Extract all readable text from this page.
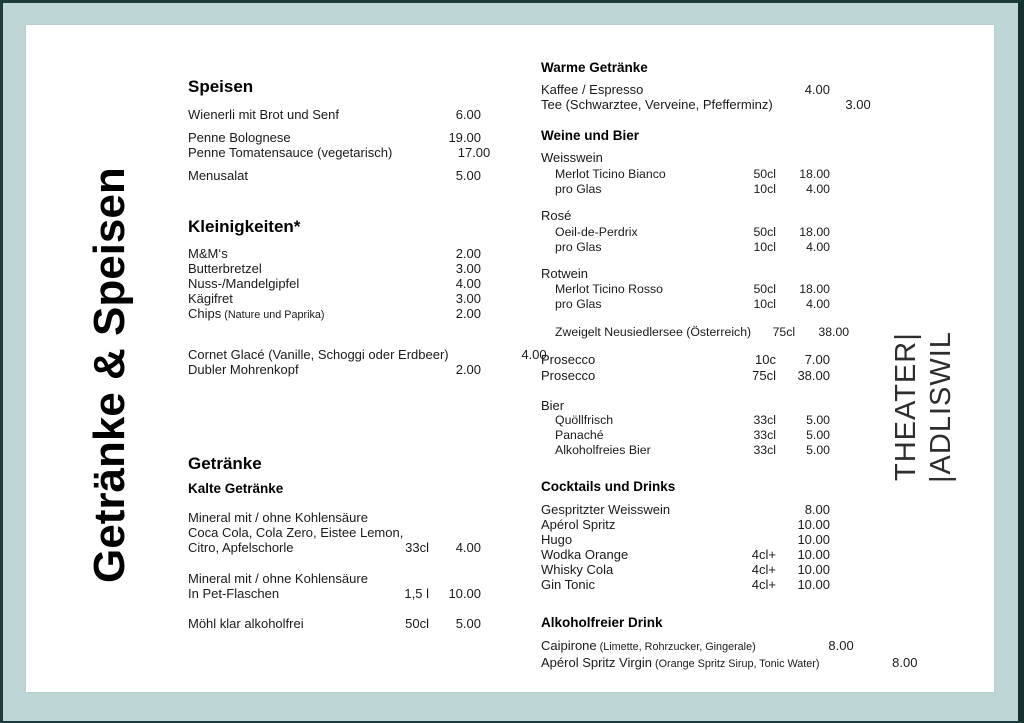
Getränke & Speisen	THEATER| |ADLISWIL
Speisen
Wienerli mit Brot und Senf	6.00
Penne Bolognese	19.00
Penne Tomatensauce (vegetarisch)	17.00
Menusalat	5.00
Kleinigkeiten*
M&M‘s	2.00
Butterbretzel	3.00
Nuss-/Mandelgipfel	4.00
Kägifret	3.00
Chips (Nature und Paprika)	2.00
Cornet Glacé (Vanille, Schoggi oder Erdbeer)	4.00
Dubler Mohrenkopf	2.00
Getränke
Kalte Getränke
Mineral mit / ohne Kohlensäure
Coca Cola, Cola Zero, Eistee Lemon,
Citro, Apfelschorle	33cl	4.00
Mineral mit / ohne Kohlensäure
In Pet-Flaschen	1,5 l	10.00
Möhl klar alkoholfrei	50cl	5.00
Warme Getränke
Kaffee / Espresso	4.00
Tee (Schwarztee, Verveine, Pfefferminz)	3.00
Weine und Bier
Weisswein
Merlot Ticino Bianco	50cl	18.00
pro Glas	10cl	4.00
Rosé
Oeil-de-Perdrix	50cl	18.00
pro Glas	10cl	4.00
Rotwein
Merlot Ticino Rosso	50cl	18.00
pro Glas	10cl	4.00
Zweigelt Neusiedlersee (Österreich)	75cl	38.00
Prosecco	10c	7.00
Prosecco	75cl	38.00
Bier
Quöllfrisch	33cl	5.00
Panaché	33cl	5.00
Alkoholfreies Bier	33cl	5.00
Cocktails und Drinks
Gespritzter Weisswein	8.00
Apérol Spritz	10.00
Hugo	10.00
Wodka Orange	4cl+	10.00
Whisky Cola	4cl+	10.00
Gin Tonic	4cl+	10.00
Alkoholfreier Drink
Caipirone (Limette, Rohrzucker, Gingerale)	8.00
Apérol Spritz Virgin (Orange Spritz Sirup, Tonic Water)	8.00
